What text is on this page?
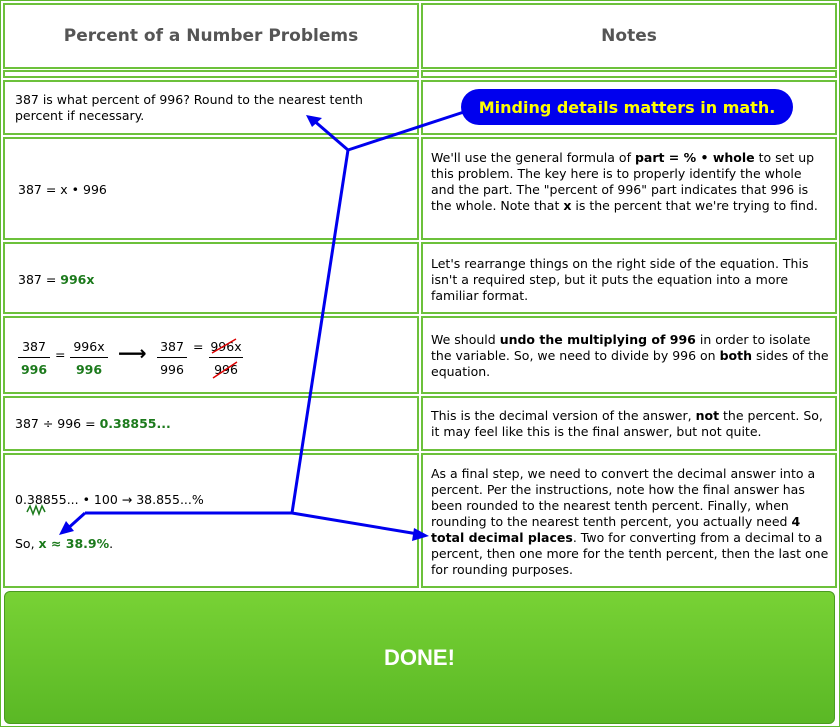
Percent of a Number Problems	Notes
387 is what percent of 996? Round to the nearest tenth percent if necessary.
387 = x • 996
We'll use the general formula of part = % • whole to set up this problem. The key here is to properly identify the whole and the part. The "percent of 996" part indicates that 996 is the whole. Note that x is the percent that we're trying to find.
387 = 996x
Let's rearrange things on the right side of the equation. This isn't a required step, but it puts the equation into a more familiar format.
$\frac{387}{996} = \frac{996x}{996}$ ⟶ $\frac{387}{996} = \frac{996x}{996}$	We should undo the multiplying of 996 in order to isolate the variable. So, we need to divide by 996 on both sides of the equation.
387 ÷ 996 = 0.38855...
This is the decimal version of the answer, not the percent. So, it may feel like this is the final answer, but not quite.
0.38855... • 100 → 38.855...%
So, x ≈ 38.9%.
As a final step, we need to convert the decimal answer into a percent. Per the instructions, note how the final answer has been rounded to the nearest tenth percent. Finally, when rounding to the nearest tenth percent, you actually need 4 total decimal places. Two for converting from a decimal to a percent, then one more for the tenth percent, then the last one for rounding purposes.
Minding details matters in math.
DONE!
